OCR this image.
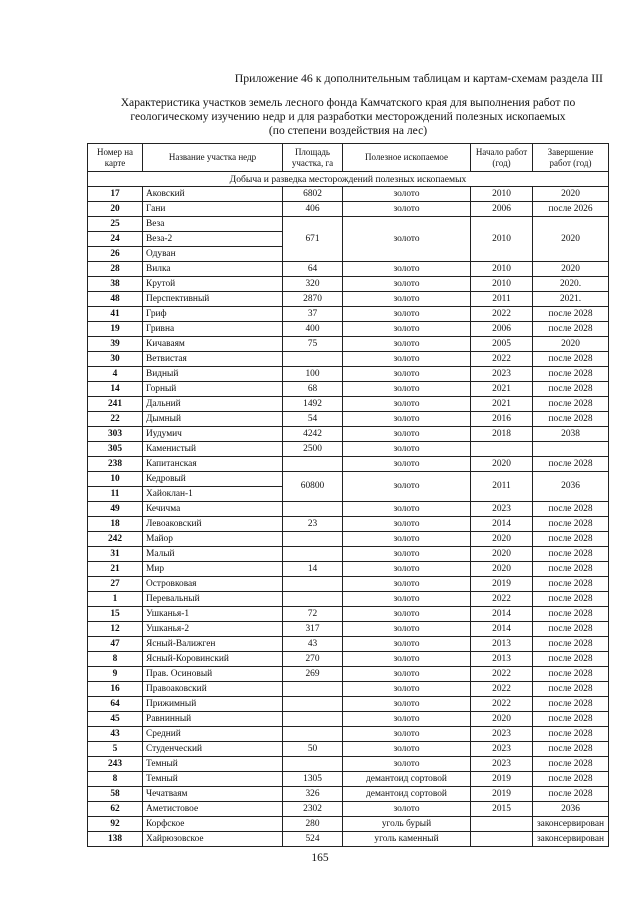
Приложение 46 к дополнительным таблицам и картам-схемам раздела III
Характеристика участков земель лесного фонда Камчатского края для выполнения работ по
геологическому изучению недр и для разработки месторождений полезных ископаемых
(по степени воздействия на лес)
Номер на карте	Название участка недр	Площадь участка, га	Полезное ископаемое	Начало работ (год)	Завершение работ (год)
Добыча и разведка месторождений полезных ископаемых					
17	Аковский	6802	золото	2010	2020
20	Гани	406	золото	2006	после 2026
25	Веза	671	золото	2010	2020
24	Веза-2				
26	Одуван				
28	Вилка	64	золото	2010	2020
38	Крутой	320	золото	2010	2020.
48	Перспективный	2870	золото	2011	2021.
41	Гриф	37	золото	2022	после 2028
19	Гривна	400	золото	2006	после 2028
39	Кичаваям	75	золото	2005	2020
30	Ветвистая		золото	2022	после 2028
4	Видный	100	золото	2023	после 2028
14	Горный	68	золото	2021	после 2028
241	Дальний	1492	золото	2021	после 2028
22	Дымный	54	золото	2016	после 2028
303	Иудумич	4242	золото	2018	2038
305	Каменистый	2500	золото		
238	Капитанская		золото	2020	после 2028
10	Кедровый	60800	золото	2011	2036
11	Хайоклан-1				
49	Кечичма		золото	2023	после 2028
18	Левоаковский	23	золото	2014	после 2028
242	Майор		золото	2020	после 2028
31	Малый		золото	2020	после 2028
21	Мир	14	золото	2020	после 2028
27	Островковая		золото	2019	после 2028
1	Перевальный		золото	2022	после 2028
15	Ушканья-1	72	золото	2014	после 2028
12	Ушканья-2	317	золото	2014	после 2028
47	Ясный-Валижген	43	золото	2013	после 2028
8	Ясный-Коровинский	270	золото	2013	после 2028
9	Прав. Осиновый	269	золото	2022	после 2028
16	Правоаковский		золото	2022	после 2028
64	Прижимный		золото	2022	после 2028
45	Равнинный		золото	2020	после 2028
43	Средний		золото	2023	после 2028
5	Студенческий	50	золото	2023	после 2028
243	Темный		золото	2023	после 2028
8	Темный	1305	демантоид сортовой	2019	после 2028
58	Чечатваям	326	демантоид сортовой	2019	после 2028
62	Аметистовое	2302	золото	2015	2036
92	Корфское	280	уголь бурый		законсервирован
138	Хайрюзовское	524	уголь каменный		законсервирован
165
